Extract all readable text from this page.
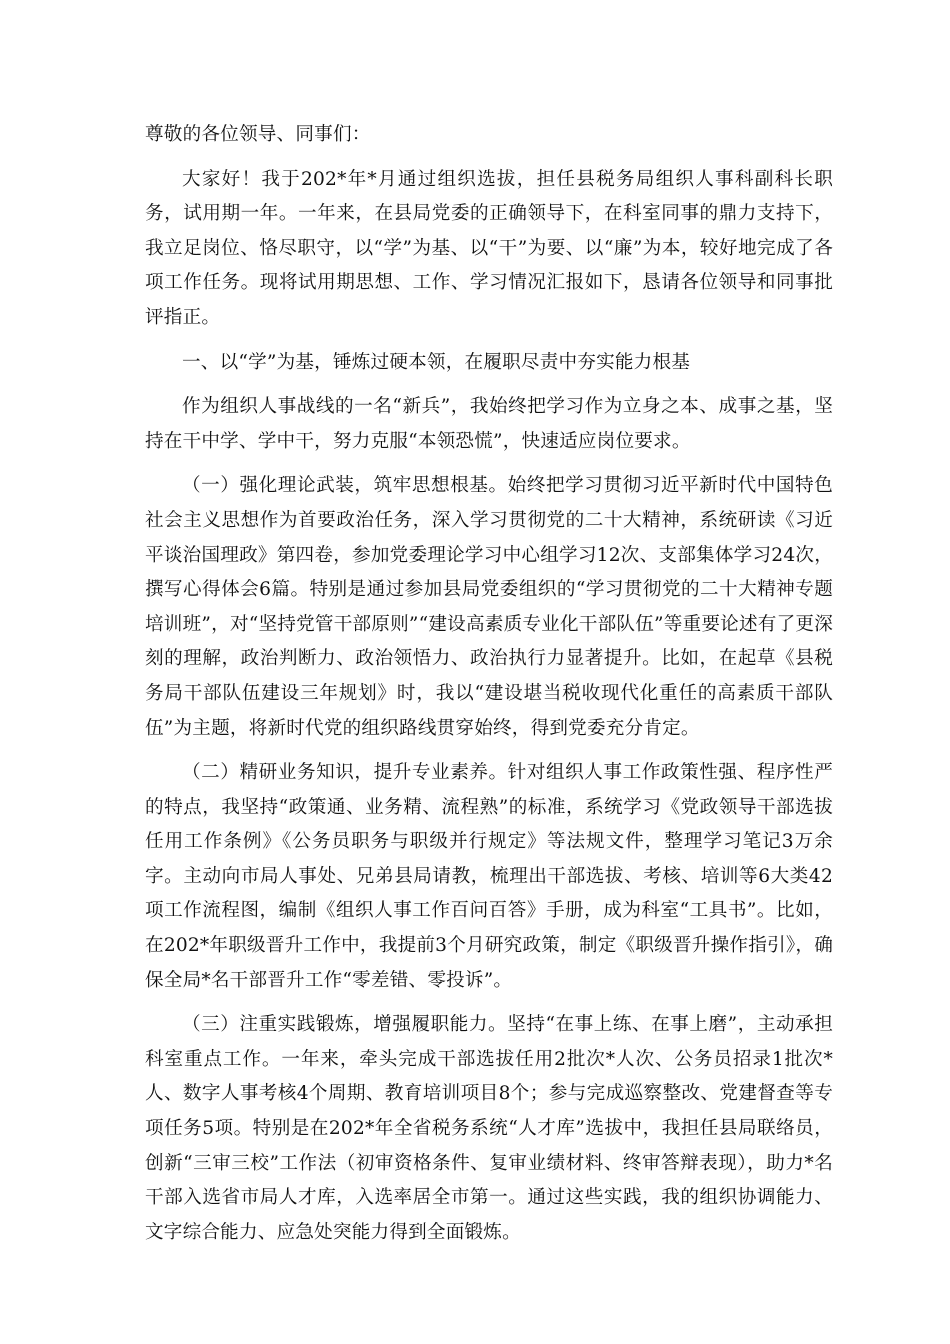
尊敬的各位领导、同事们：

大家好！我于202*年*月通过组织选拔，担任县税务局组织人事科副科长职务，试用期一年。一年来，在县局党委的正确领导下，在科室同事的鼎力支持下，我立足岗位、恪尽职守，以“学”为基、以“干”为要、以“廉”为本，较好地完成了各项工作任务。现将试用期思想、工作、学习情况汇报如下，恳请各位领导和同事批评指正。

一、以“学”为基，锤炼过硬本领，在履职尽责中夯实能力根基

作为组织人事战线的一名“新兵”，我始终把学习作为立身之本、成事之基，坚持在干中学、学中干，努力克服“本领恐慌”，快速适应岗位要求。

（一）强化理论武装，筑牢思想根基。始终把学习贯彻习近平新时代中国特色社会主义思想作为首要政治任务，深入学习贯彻党的二十大精神，系统研读《习近平谈治国理政》第四卷，参加党委理论学习中心组学习12次、支部集体学习24次，撰写心得体会6篇。特别是通过参加县局党委组织的“学习贯彻党的二十大精神专题培训班”，对“坚持党管干部原则”“建设高素质专业化干部队伍”等重要论述有了更深刻的理解，政治判断力、政治领悟力、政治执行力显著提升。比如，在起草《县税务局干部队伍建设三年规划》时，我以“建设堪当税收现代化重任的高素质干部队伍”为主题，将新时代党的组织路线贯穿始终，得到党委充分肯定。

（二）精研业务知识，提升专业素养。针对组织人事工作政策性强、程序性严的特点，我坚持“政策通、业务精、流程熟”的标准，系统学习《党政领导干部选拔任用工作条例》《公务员职务与职级并行规定》等法规文件，整理学习笔记3万余字。主动向市局人事处、兄弟县局请教，梳理出干部选拔、考核、培训等6大类42项工作流程图，编制《组织人事工作百问百答》手册，成为科室“工具书”。比如，在202*年职级晋升工作中，我提前3个月研究政策，制定《职级晋升操作指引》，确保全局*名干部晋升工作“零差错、零投诉”。

（三）注重实践锻炼，增强履职能力。坚持“在事上练、在事上磨”，主动承担科室重点工作。一年来，牵头完成干部选拔任用2批次*人次、公务员招录1批次*人、数字人事考核4个周期、教育培训项目8个；参与完成巡察整改、党建督查等专项任务5项。特别是在202*年全省税务系统“人才库”选拔中，我担任县局联络员，创新“三审三校”工作法（初审资格条件、复审业绩材料、终审答辩表现），助力*名干部入选省市局人才库，入选率居全市第一。通过这些实践，我的组织协调能力、文字综合能力、应急处突能力得到全面锻炼。
